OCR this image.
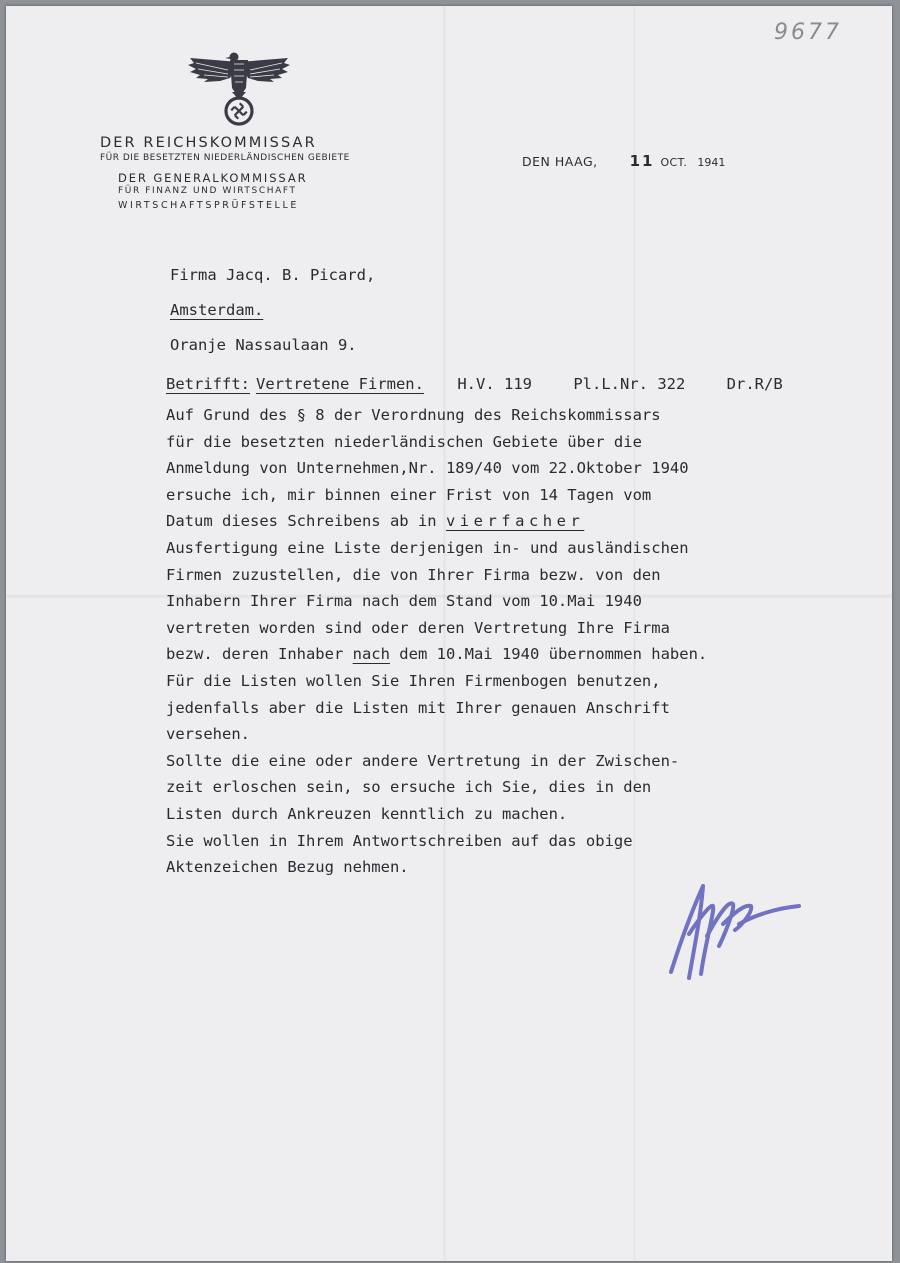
9677
DER REICHSKOMMISSAR
FÜR DIE BESETZTEN NIEDERLÄNDISCHEN GEBIETE
DER GENERALKOMMISSAR
FÜR FINANZ UND WIRTSCHAFT
WIRTSCHAFTSPRÜFSTELLE
DEN HAAG, 11 OCT. 1941
Firma Jacq. B. Picard,
Amsterdam.
Oranje Nassaulaan 9.
Betrifft: Vertretene Firmen. H.V. 119	Pl.L.Nr. 322	Dr.R/B
Auf Grund des § 8 der Verordnung des Reichskommissars
für die besetzten niederländischen Gebiete über die
Anmeldung von Unternehmen,Nr. 189/40 vom 22.Oktober 1940
ersuche ich, mir binnen einer Frist von 14 Tagen vom
Datum dieses Schreibens ab in vierfacher
Ausfertigung eine Liste derjenigen in- und ausländischen
Firmen zuzustellen, die von Ihrer Firma bezw. von den
Inhabern Ihrer Firma nach dem Stand vom 10.Mai 1940
vertreten worden sind oder deren Vertretung Ihre Firma
bezw. deren Inhaber nach dem 10.Mai 1940 übernommen haben.
Für die Listen wollen Sie Ihren Firmenbogen benutzen,
jedenfalls aber die Listen mit Ihrer genauen Anschrift
versehen.
Sollte die eine oder andere Vertretung in der Zwischen-
zeit erloschen sein, so ersuche ich Sie, dies in den
Listen durch Ankreuzen kenntlich zu machen.
Sie wollen in Ihrem Antwortschreiben auf das obige
Aktenzeichen Bezug nehmen.
